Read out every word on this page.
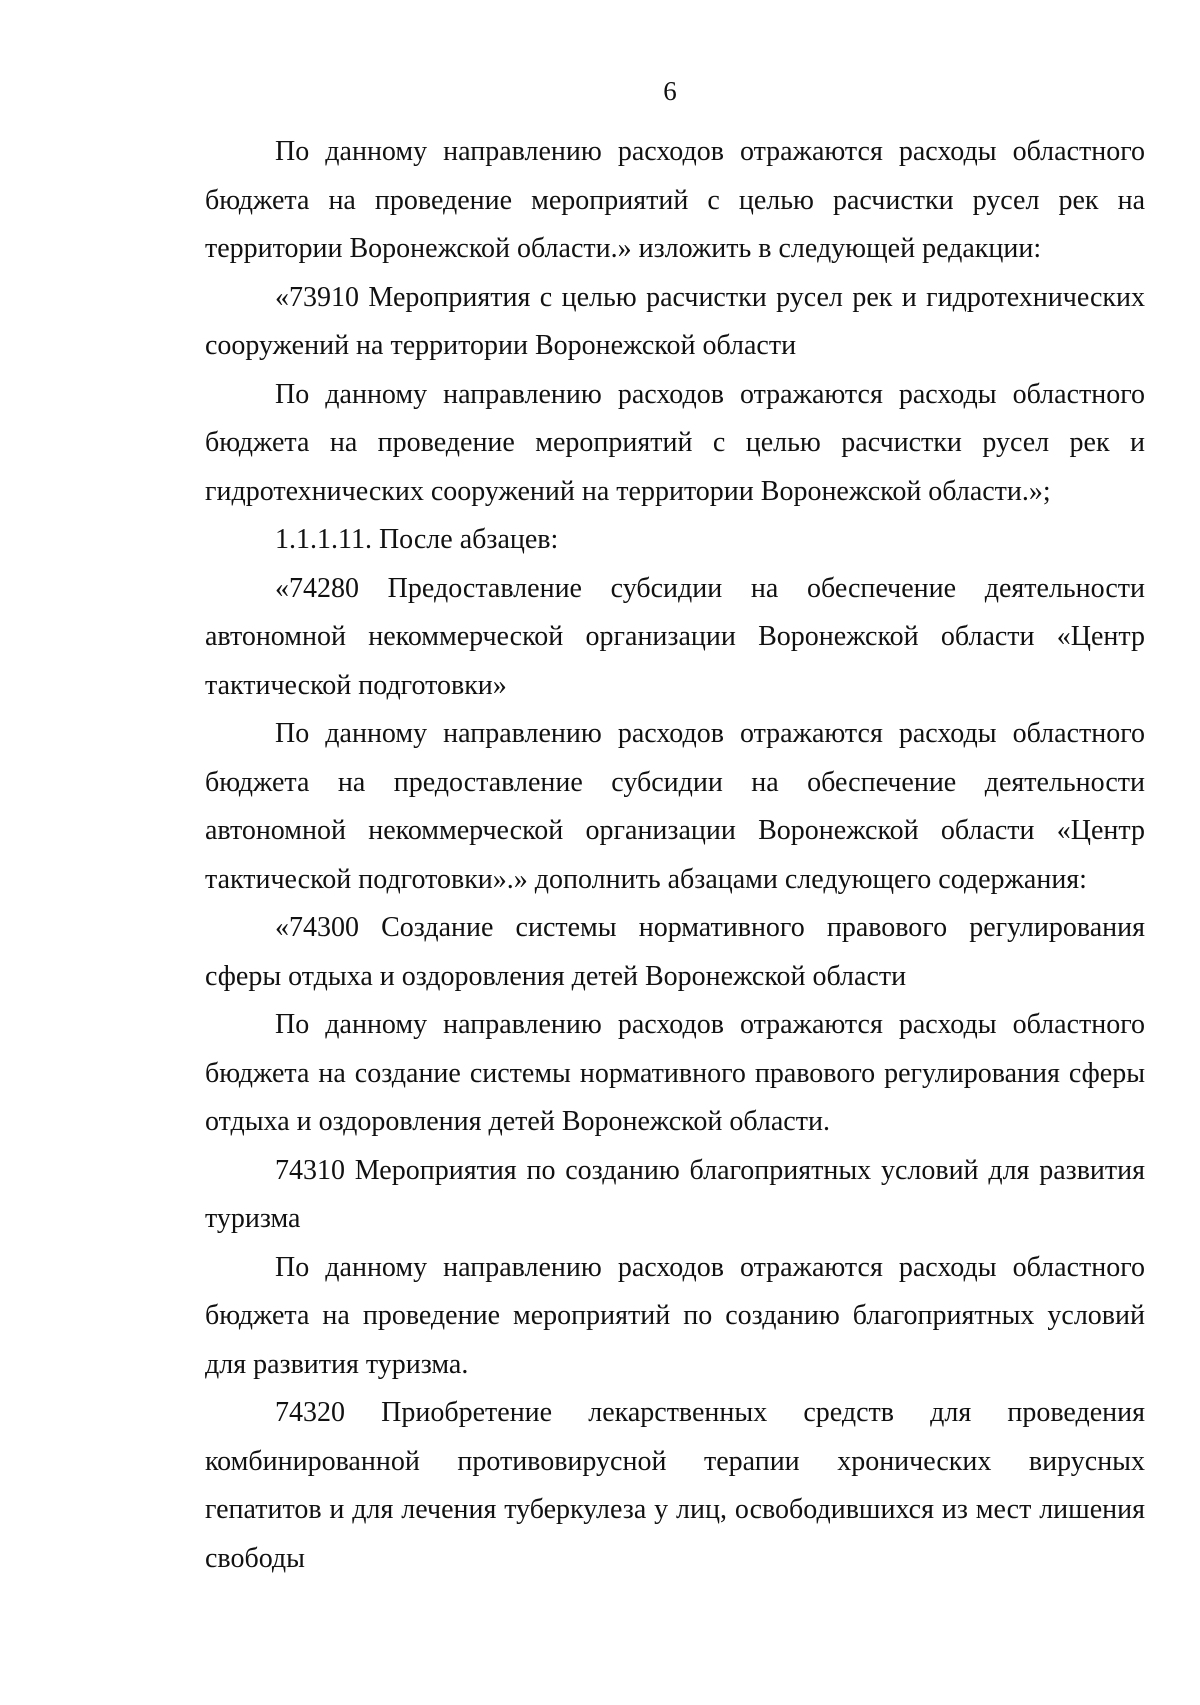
6

По данному направлению расходов отражаются расходы областного бюджета на проведение мероприятий с целью расчистки русел рек на территории Воронежской области.» изложить в следующей редакции:

«73910 Мероприятия с целью расчистки русел рек и гидротехнических сооружений на территории Воронежской области

По данному направлению расходов отражаются расходы областного бюджета на проведение мероприятий с целью расчистки русел рек и гидротехнических сооружений на территории Воронежской области.»;

1.1.1.11. После абзацев:

«74280 Предоставление субсидии на обеспечение деятельности автономной некоммерческой организации Воронежской области «Центр тактической подготовки»

По данному направлению расходов отражаются расходы областного бюджета на предоставление субсидии на обеспечение деятельности автономной некоммерческой организации Воронежской области «Центр тактической подготовки».» дополнить абзацами следующего содержания:

«74300 Создание системы нормативного правового регулирования сферы отдыха и оздоровления детей Воронежской области

По данному направлению расходов отражаются расходы областного бюджета на создание системы нормативного правового регулирования сферы отдыха и оздоровления детей Воронежской области.

74310 Мероприятия по созданию благоприятных условий для развития туризма

По данному направлению расходов отражаются расходы областного бюджета на проведение мероприятий по созданию благоприятных условий для развития туризма.

74320 Приобретение лекарственных средств для проведения комбинированной противовирусной терапии хронических вирусных гепатитов и для лечения туберкулеза у лиц, освободившихся из мест лишения свободы
